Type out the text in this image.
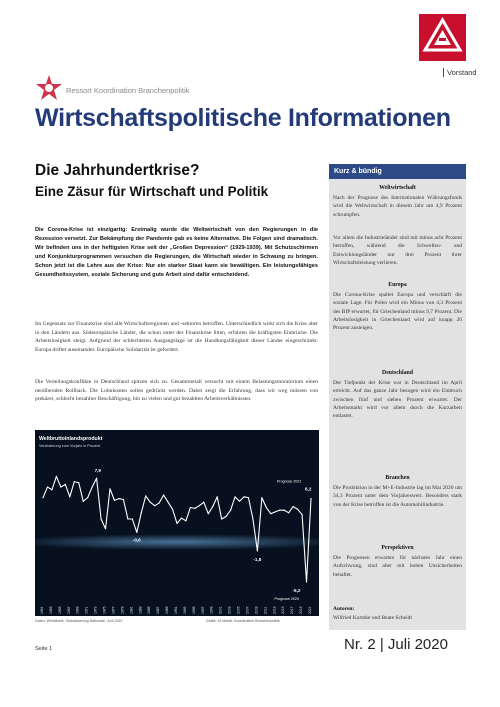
Vorstand
Ressort Koordination Branchenpolitik
Wirtschaftspolitische Informationen
Die Jahrhundertkrise?
Eine Zäsur für Wirtschaft und Politik
Die Corona-Krise ist einzigartig: Erstmalig wurde die Weltwirtschaft von den Regierungen in die Rezession versetzt. Zur Bekämpfung der Pandemie gab es keine Alternative. Die Folgen sind dramatisch. Wir befinden uns in der heftigsten Krise seit der „Großen Depression“ (1929-1939). Mit Schutzschirmen und Konjunkturprogrammen versuchen die Regierungen, die Wirtschaft wieder in Schwung zu bringen. Schon jetzt ist die Lehre aus der Krise: Nur ein starker Staat kann sie bewältigen. Ein leistungsfähiges Gesundheitssystem, soziale Sicherung und gute Arbeit sind dafür entscheidend.
Im Gegensatz zur Finanzkrise sind alle Wirtschaftsregionen und -sektoren betroffen. Unterschiedlich wirkt sich die Krise aber in den Ländern aus. Südeuropäische Länder, die schon unter der Finanzkrise litten, erfahren die kräftigsten Einbrüche. Die Arbeitslosigkeit steigt. Aufgrund der schlechteren Ausgangslage ist die Handlungsfähigkeit dieser Länder eingeschränkt. Europa driftet auseinander. Europäische Solidarität ist gefordert.
Die Verteilungskonflikte in Deutschland spitzen sich zu. Gesamtmetall versucht mit einem Belastungsmoratorium einen neoliberalen Rollback. Die Lohnkosten sollen gedrückt werden. Dabei zeigt die Erfahrung, dass wir weg müssen von prekärer, schlecht bezahlter Beschäftigung, hin zu vielen und gut bezahlten Arbeitsverhältnissen.
Weltbruttoinlandsprodukt
Veränderung zum Vorjahr in Prozent
7,9
-1,8
-5,2
-0,6
6,2
Prognose 2021
Prognose 2020
1961 1963 1965 1967 1969 1971 1973 1975 1977 1979 1981 1983 1985 1987 1989 1991 1993 1995 1997 1999 2001 2003 2005 2007 2009 2011 2013 2015 2017 2019 2021
Daten: Worldbank, Globalisierung Nationale, Juni 2020	Grafik: IG Metall, Koordination Branchenpolitik
Kurz & bündig
Weltwirtschaft
Nach der Prognose des Internationalen Währungsfonds wird die Weltwirtschaft in diesem Jahr um 4,9 Prozent schrumpfen.
Vor allem die Industrieländer sind mit minus acht Prozent betroffen, während die Schwellen- und Entwicklungsländer nur drei Prozent ihrer Wirtschaftsleistung verlieren.
Europa
Die Corona-Krise spaltet Europa und verschärft die soziale Lage. Für Polen wird ein Minus von 4,3 Prozent des BIP erwartet, für Griechenland minus 9,7 Prozent. Die Arbeitslosigkeit in Griechenland wird auf knapp 20 Prozent ansteigen.
Deutschland
Der Tiefpunkt der Krise war in Deutschland im April erreicht. Auf das ganze Jahr bezogen wird ein Einbruch zwischen fünf und sieben Prozent erwartet. Der Arbeitsmarkt wird vor allem durch die Kurzarbeit entlastet.
Branchen
Die Produktion in der M+E-Industrie lag im Mai 2020 um 34,3 Prozent unter dem Vorjahreswert. Besonders stark von der Krise betroffen ist die Automobilindustrie.
Perspektiven
Die Prognosen erwarten für nächstes Jahr einen Aufschwung, sind aber mit hohen Unsicherheiten behaftet.
Autoren:
Wilfried Kurtzke und Beate Scheidt
Seite 1	Nr. 2 | Juli 2020
